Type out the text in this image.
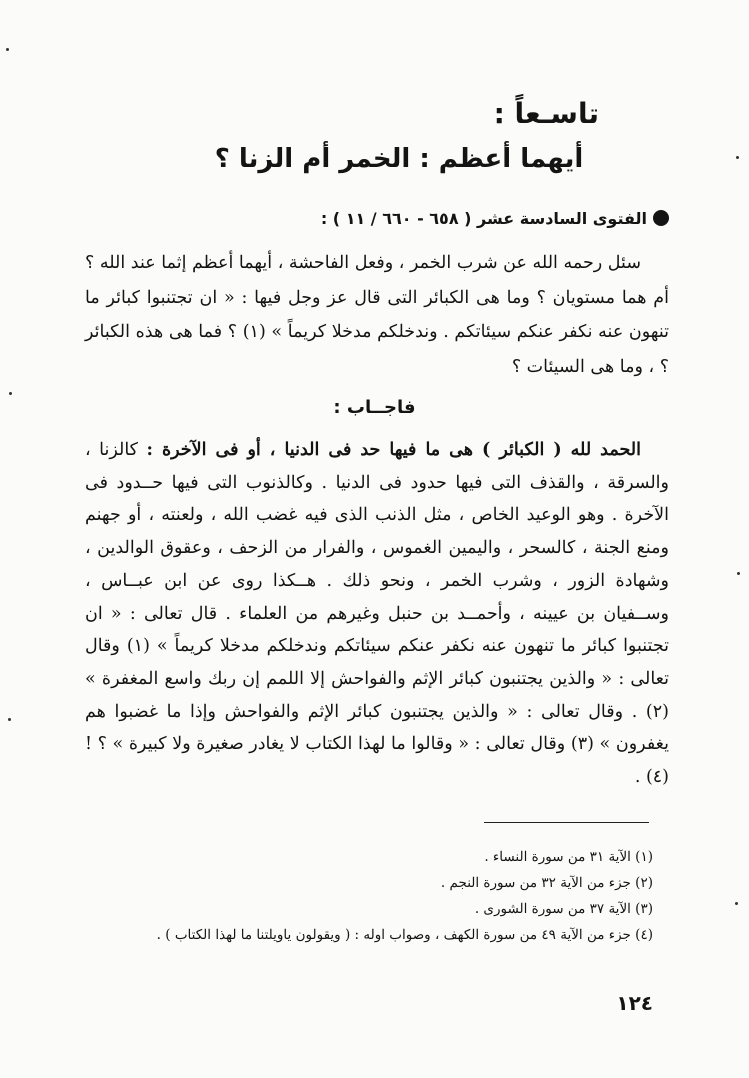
تاسـعاً :
أيهما أعظم : الخمر أم الزنا ؟
الفتوى السادسة عشر ( ٦٥٨ - ٦٦٠ / ١١ ) :

سئل رحمه الله عن شرب الخمر ، وفعل الفاحشة ، أيهما أعظم إثما عند الله ؟ أم هما مستويان ؟ وما هى الكبائر التى قال عز وجل فيها : « ان تجتنبوا كبائر ما تنهون عنه نكفر عنكم سيئاتكم . وندخلكم مدخلا كريماً » (١) ؟ فما هى هذه الكبائر ؟ ، وما هى السيئات ؟

فاجــاب :

الحمد لله ( الكبائر ) هى ما فيها حد فى الدنيا ، أو فى الآخرة : كالزنا ، والسرقة ، والقذف التى فيها حدود فى الدنيا . وكالذنوب التى فيها حــدود فى الآخرة . وهو الوعيد الخاص ، مثل الذنب الذى فيه غضب الله ، ولعنته ، أو جهنم ومنع الجنة ، كالسحر ، واليمين الغموس ، والفرار من الزحف ، وعقوق الوالدين ، وشهادة الزور ، وشرب الخمر ، ونحو ذلك . هــكذا روى عن ابن عبــاس ، وســفيان بن عيينه ، وأحمــد بن حنبل وغيرهم من العلماء . قال تعالى : « ان تجتنبوا كبائر ما تنهون عنه نكفر عنكم سيئاتكم وندخلكم مدخلا كريماً » (١) وقال تعالى : « والذين يجتنبون كبائر الإثم والفواحش إلا اللمم إن ربك واسع المغفرة » (٢) . وقال تعالى : « والذين يجتنبون كبائر الإثم والفواحش وإذا ما غضبوا هم يغفرون » (٣) وقال تعالى : « وقالوا ما لهذا الكتاب لا يغادر صغيرة ولا كبيرة » ؟ ! (٤) .

(١) الآية ٣١ من سورة النساء .

(٢) جزء من الآية ٣٢ من سورة النجم .

(٣) الآية ٣٧ من سورة الشورى .

(٤) جزء من الآية ٤٩ من سورة الكهف ، وصواب اوله : ( ويقولون ياويلتنا ما لهذا الكتاب ) .

١٢٤
